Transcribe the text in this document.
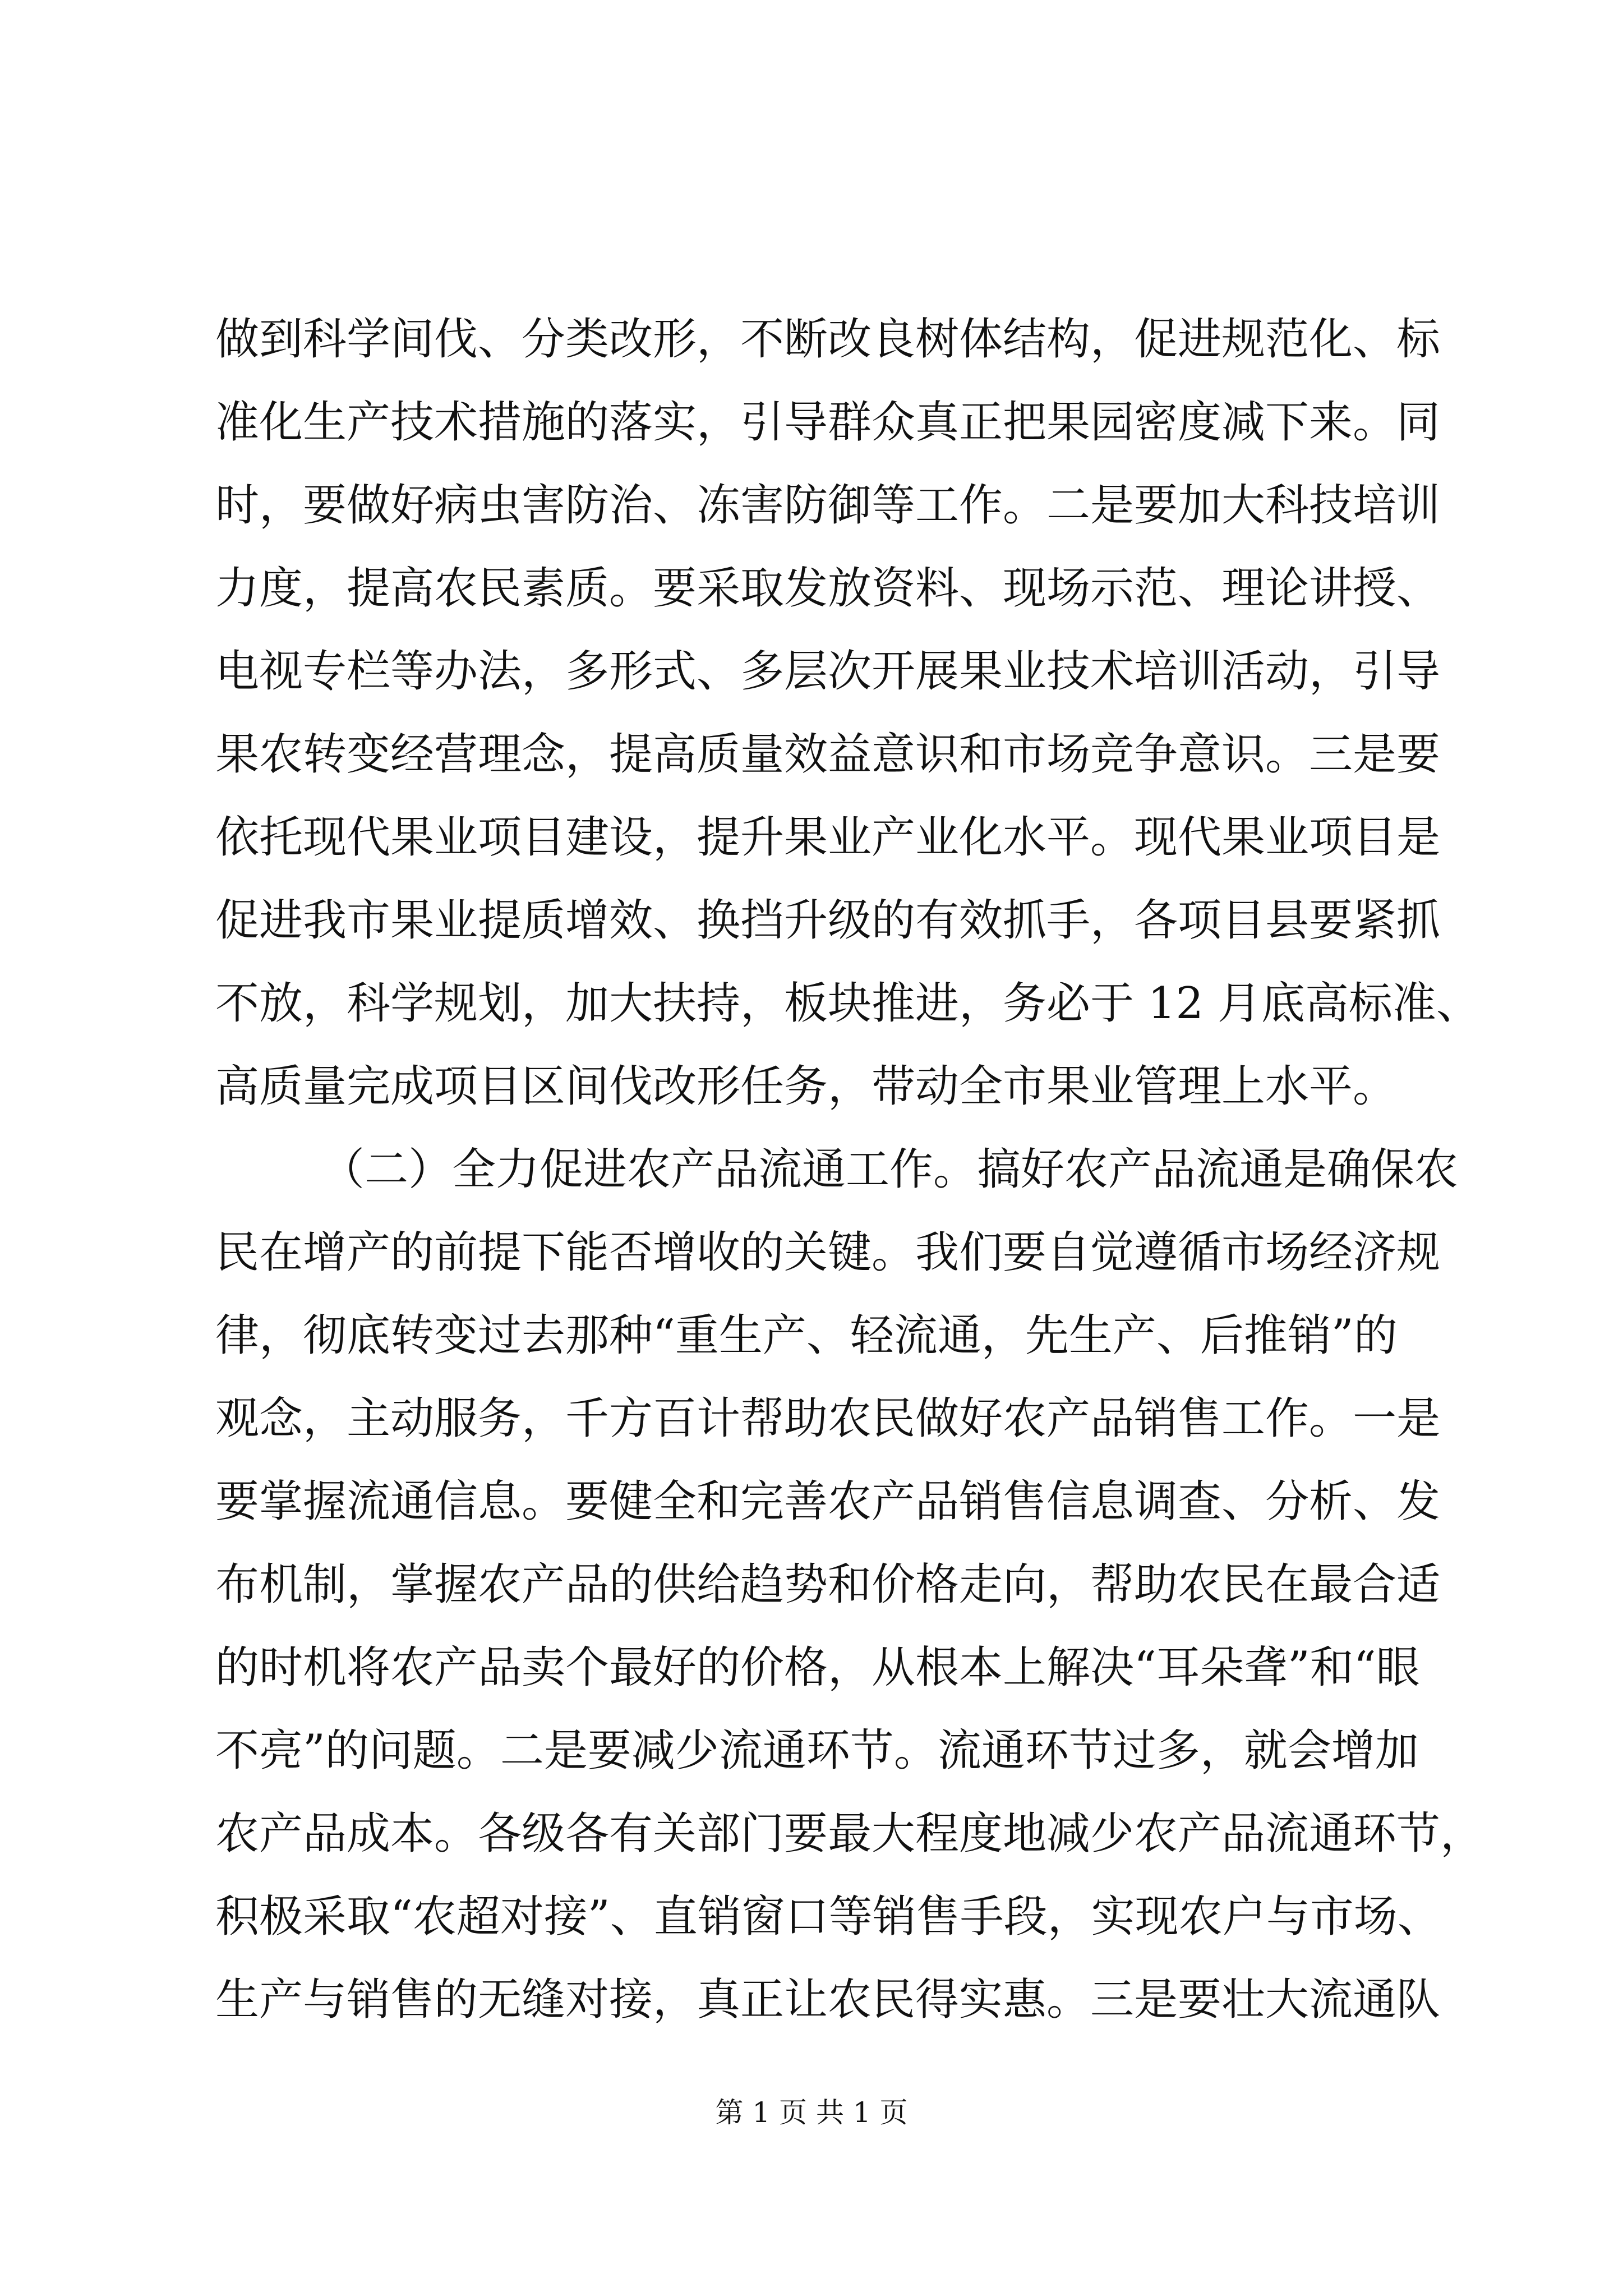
做到科学间伐、分类改形，不断改良树体结构，促进规范化、标
准化生产技术措施的落实，引导群众真正把果园密度减下来。同
时，要做好病虫害防治、冻害防御等工作。二是要加大科技培训
力度，提高农民素质。要采取发放资料、现场示范、理论讲授、
电视专栏等办法，多形式、多层次开展果业技术培训活动，引导
果农转变经营理念，提高质量效益意识和市场竞争意识。三是要
依托现代果业项目建设，提升果业产业化水平。现代果业项目是
促进我市果业提质增效、换挡升级的有效抓手，各项目县要紧抓
不放，科学规划，加大扶持，板块推进，务必于 12 月底高标准、
高质量完成项目区间伐改形任务，带动全市果业管理上水平。
（二）全力促进农产品流通工作。搞好农产品流通是确保农
民在增产的前提下能否增收的关键。我们要自觉遵循市场经济规
律，彻底转变过去那种“重生产、轻流通，先生产、后推销”的
观念，主动服务，千方百计帮助农民做好农产品销售工作。一是
要掌握流通信息。要健全和完善农产品销售信息调查、分析、发
布机制，掌握农产品的供给趋势和价格走向，帮助农民在最合适
的时机将农产品卖个最好的价格，从根本上解决“耳朵聋”和“眼
不亮”的问题。二是要减少流通环节。流通环节过多，就会增加
农产品成本。各级各有关部门要最大程度地减少农产品流通环节，
积极采取“农超对接”、直销窗口等销售手段，实现农户与市场、
生产与销售的无缝对接，真正让农民得实惠。三是要壮大流通队
第 1 页 共 1 页
